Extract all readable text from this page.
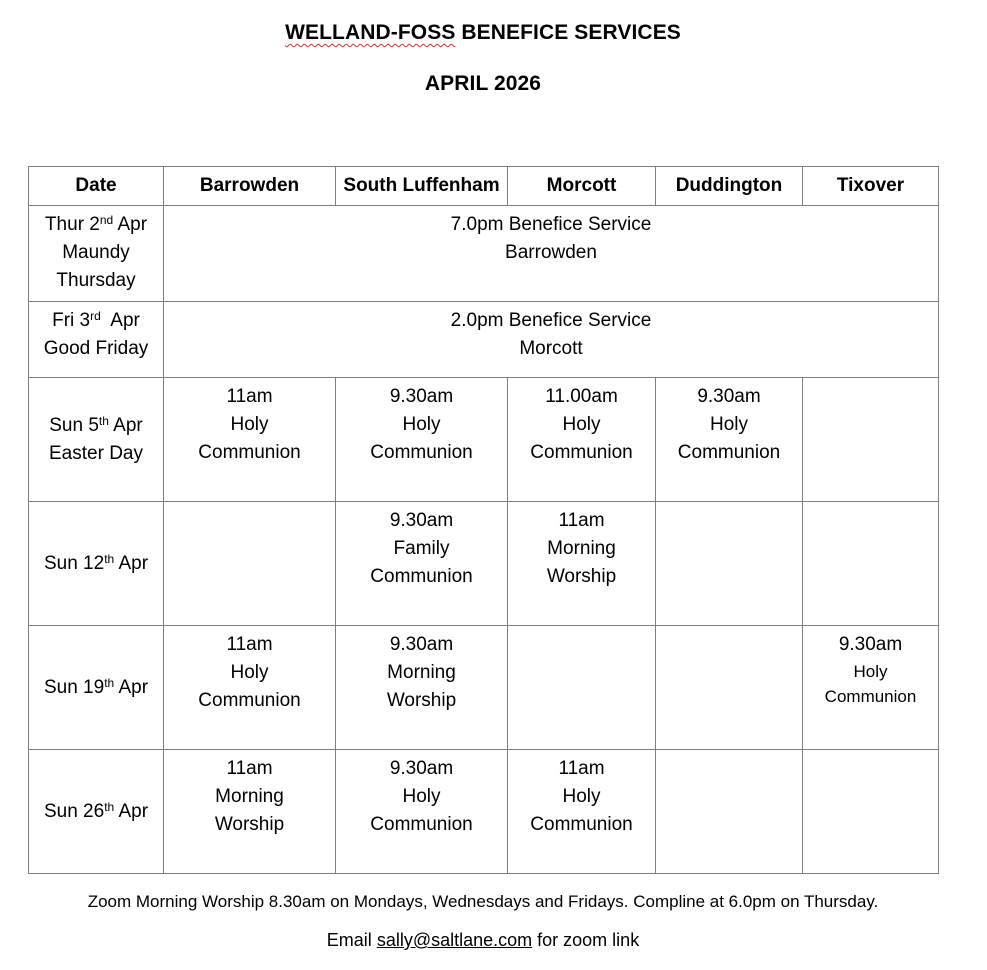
WELLAND-FOSS BENEFICE SERVICES
APRIL 2026
Date	Barrowden	South Luffenham	Morcott	Duddington	Tixover

Thur 2nd Apr
Maundy
Thursday	7.0pm Benefice Service
Barrowden				

Fri 3rd  Apr
Good Friday	2.0pm Benefice Service
Morcott				

Sun 5th Apr
Easter Day	11am
Holy
Communion	9.30am
Holy
Communion	11.00am
Holy
Communion	9.30am
Holy
Communion	

Sun 12th Apr		9.30am
Family
Communion	11am
Morning
Worship		

Sun 19th Apr	11am
Holy
Communion	9.30am
Morning
Worship			9.30am
Holy
Communion

Sun 26th Apr	11am
Morning
Worship	9.30am
Holy
Communion	11am
Holy
Communion		

Zoom Morning Worship 8.30am on Mondays, Wednesdays and Fridays. Compline at 6.0pm on Thursday.
Email sally@saltlane.com for zoom link
